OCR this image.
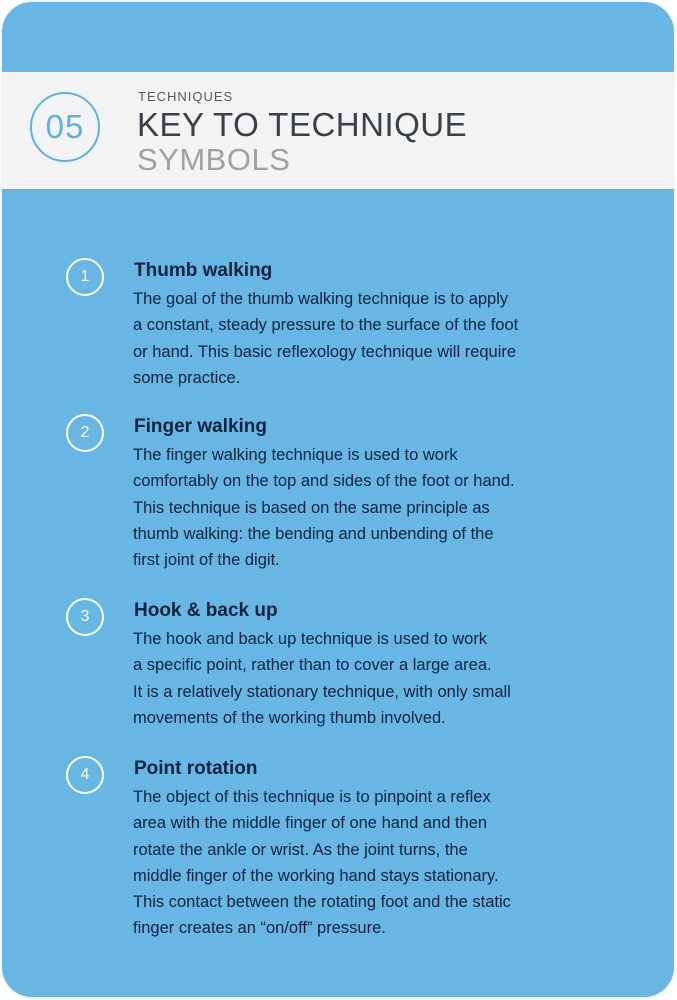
05
TECHNIQUES
KEY TO TECHNIQUE
SYMBOLS
1	Thumb walking

The goal of the thumb walking technique is to apply
a constant, steady pressure to the surface of the foot
or hand. This basic reflexology technique will require
some practice.

2	Finger walking

The finger walking technique is used to work
comfortably on the top and sides of the foot or hand.
This technique is based on the same principle as
thumb walking: the bending and unbending of the
first joint of the digit.

3	Hook & back up

The hook and back up technique is used to work
a specific point, rather than to cover a large area.
It is a relatively stationary technique, with only small
movements of the working thumb involved.

4	Point rotation

The object of this technique is to pinpoint a reflex
area with the middle finger of one hand and then
rotate the ankle or wrist. As the joint turns, the
middle finger of the working hand stays stationary.
This contact between the rotating foot and the static
finger creates an “on/off” pressure.
